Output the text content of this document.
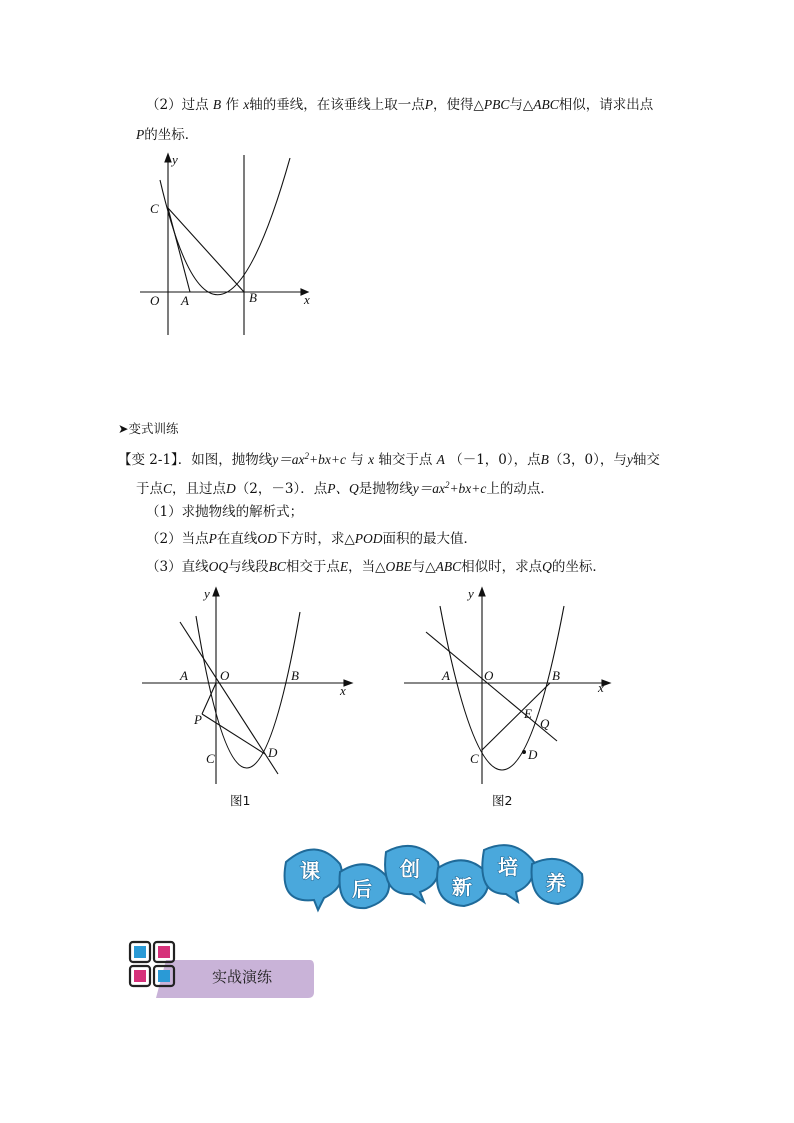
（2）过点 B 作 x轴的垂线，在该垂线上取一点P，使得△PBC与△ABC相似，请求出点
P的坐标．
y
C
O A	B	x
➤变式训练
【变 2-1】．如图，抛物线$y=ax^2+bx+c$ 与 x 轴交于点 A （－1，0），点B（3，0），与y轴交
于点C，且过点D（2，－3）．点P、Q是抛物线$y=ax^2+bx+c$上的动点．
（1）求抛物线的解析式；
（2）当点P在直线OD下方时，求△POD面积的最大值．
（3）直线OQ与线段BC相交于点E，当△OBE与△ABC相似时，求点Q的坐标．
y
A O	B
x
P
C	D
图1
y
A	O	B
x
E
Q
C	D
图2
课
后
创
新
培
养
实战演练
